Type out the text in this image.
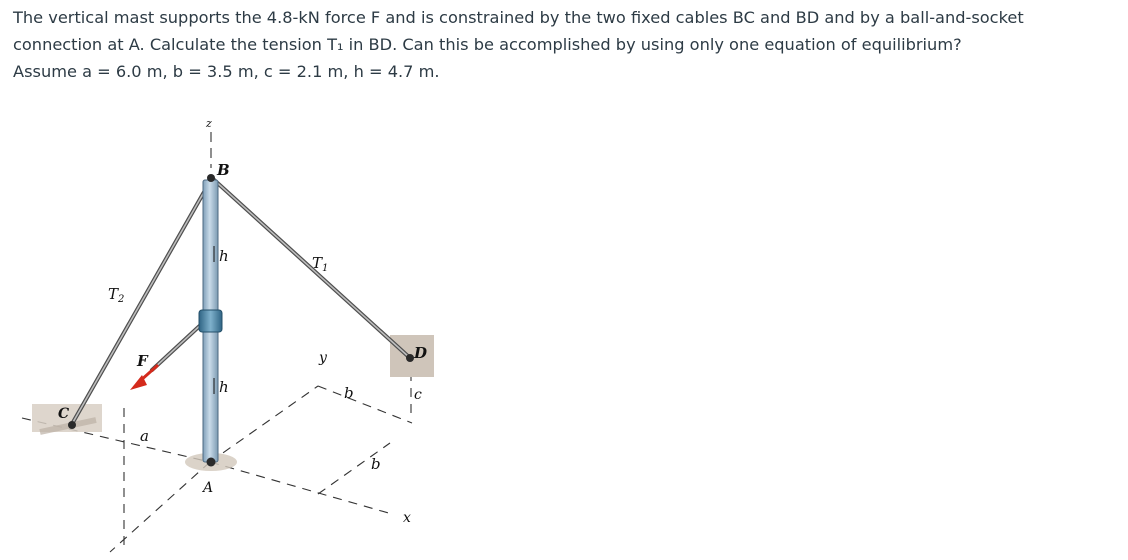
The vertical mast supports the 4.8-kN force F and is constrained by the two fixed cables BC and BD and by a ball-and-socket
connection at A. Calculate the tension T₁ in BD. Can this be accomplished by using only one equation of equilibrium?
Assume a = 6.0 m, b = 3.5 m, c = 2.1 m, h = 4.7 m.

z
B
h	$T_1$
$T_2$
F	y
h	b
D
c
C
a
b
A
x
